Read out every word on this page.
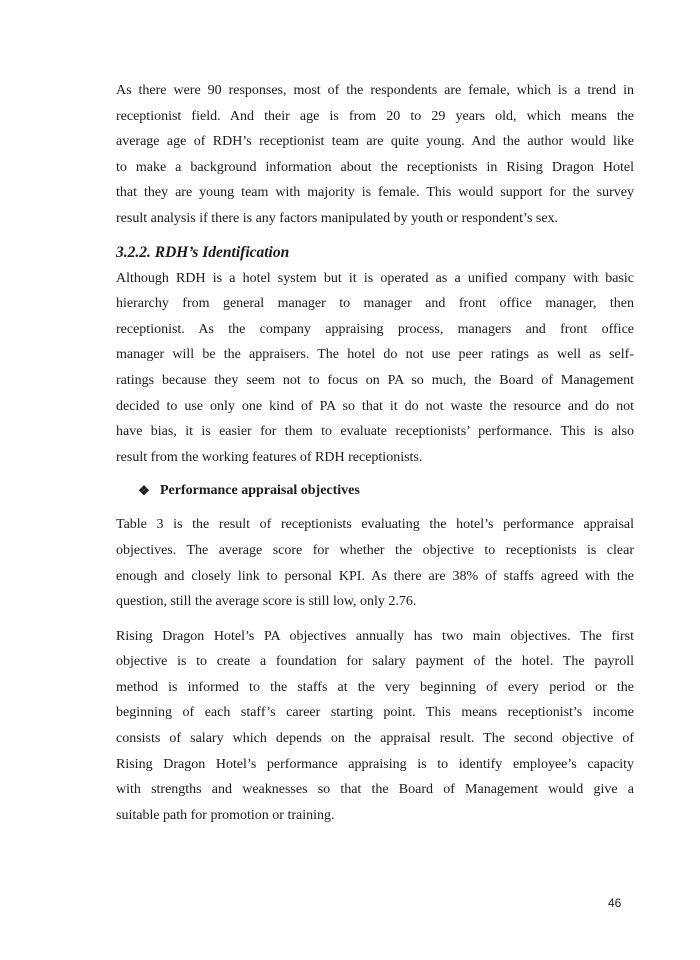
As there were 90 responses, most of the respondents are female, which is a trend in
receptionist field. And their age is from 20 to 29 years old, which means the
average age of RDH’s receptionist team are quite young. And the author would like
to make a background information about the receptionists in Rising Dragon Hotel
that they are young team with majority is female. This would support for the survey
result analysis if there is any factors manipulated by youth or respondent’s sex.

3.2.2. RDH’s Identification

Although RDH is a hotel system but it is operated as a unified company with basic
hierarchy from general manager to manager and front office manager, then
receptionist. As the company appraising process, managers and front office
manager will be the appraisers. The hotel do not use peer ratings as well as self-
ratings because they seem not to focus on PA so much, the Board of Management
decided to use only one kind of PA so that it do not waste the resource and do not
have bias, it is easier for them to evaluate receptionists’ performance. This is also
result from the working features of RDH receptionists.

❖ Performance appraisal objectives

Table 3 is the result of receptionists evaluating the hotel’s performance appraisal
objectives. The average score for whether the objective to receptionists is clear
enough and closely link to personal KPI. As there are 38% of staffs agreed with the
question, still the average score is still low, only 2.76.

Rising Dragon Hotel’s PA objectives annually has two main objectives. The first
objective is to create a foundation for salary payment of the hotel. The payroll
method is informed to the staffs at the very beginning of every period or the
beginning of each staff’s career starting point. This means receptionist’s income
consists of salary which depends on the appraisal result. The second objective of
Rising Dragon Hotel’s performance appraising is to identify employee’s capacity
with strengths and weaknesses so that the Board of Management would give a
suitable path for promotion or training.

46
